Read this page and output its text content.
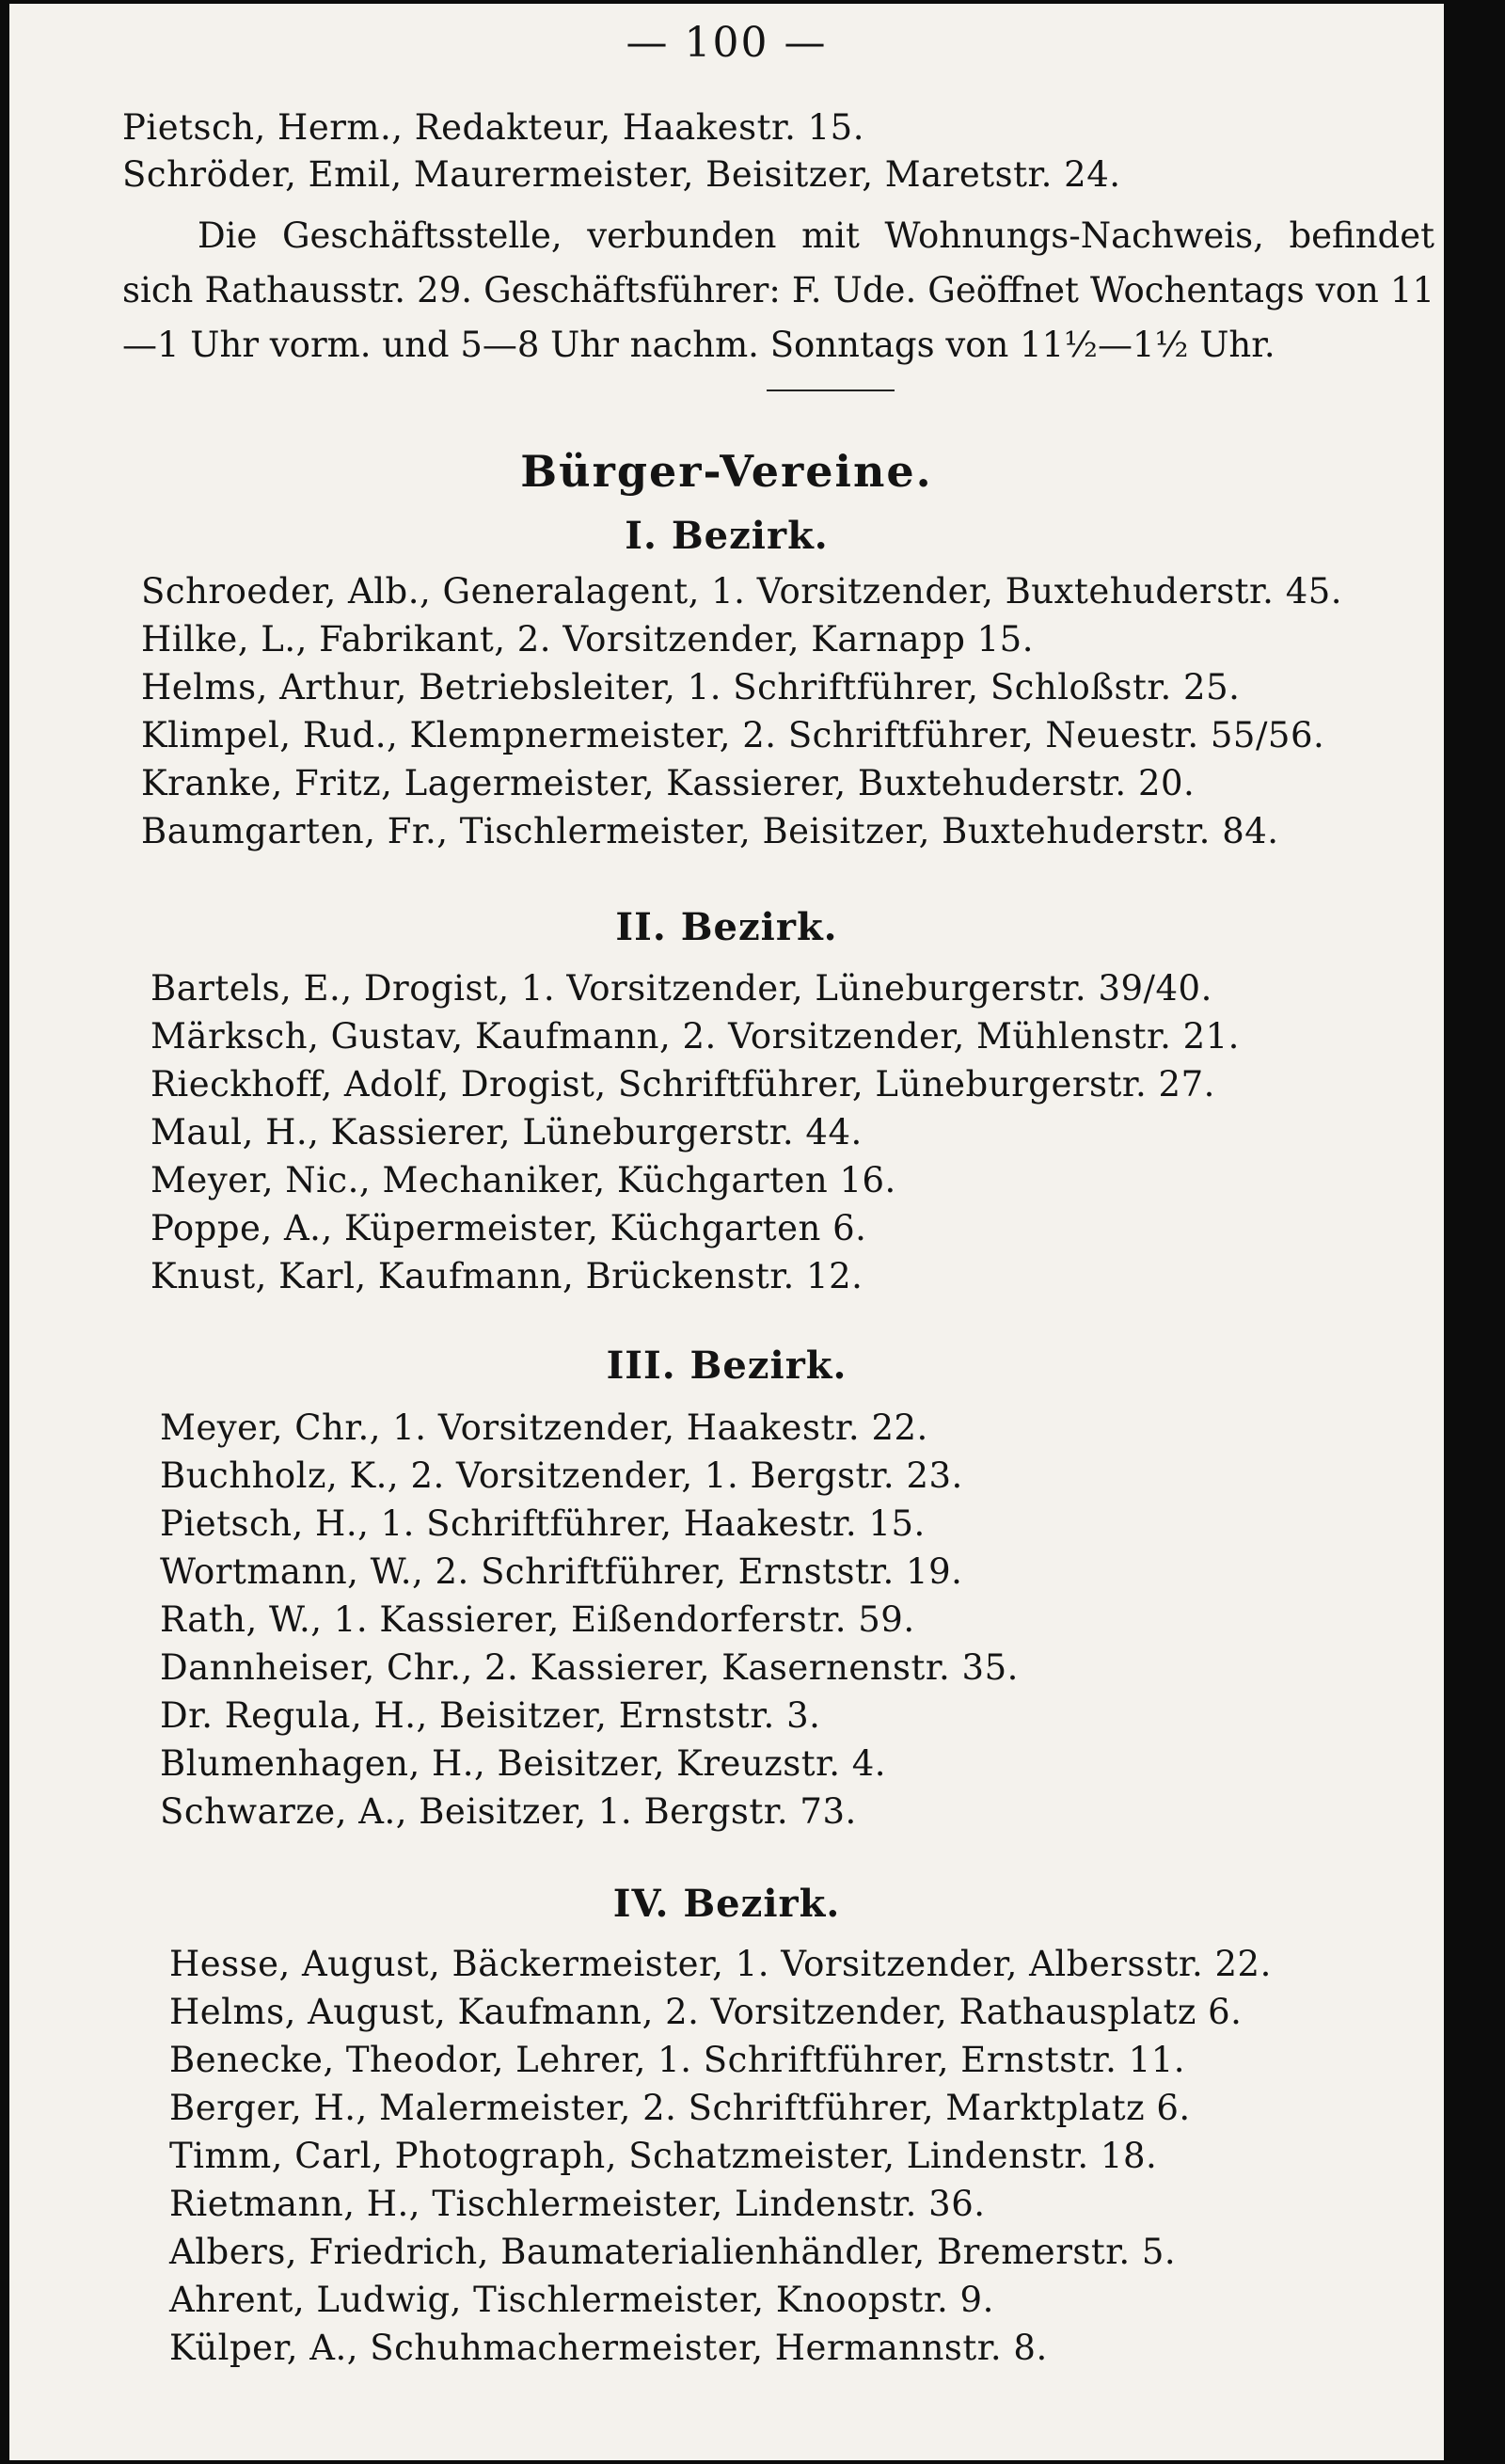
— 100 —
Pietsch, Herm., Redakteur, Haakestr. 15.
Schröder, Emil, Maurermeister, Beisitzer, Maretstr. 24.
Die Geschäftsstelle, verbunden mit Wohnungs-Nachweis, befindet sich Rathausstr. 29. Geschäftsführer: F. Ude. Geöffnet Wochentags von 11—1 Uhr vorm. und 5—8 Uhr nachm. Sonntags von 11½—1½ Uhr.
Bürger-Vereine.
I. Bezirk.
Schroeder, Alb., Generalagent, 1. Vorsitzender, Buxtehuderstr. 45.
Hilke, L., Fabrikant, 2. Vorsitzender, Karnapp 15.
Helms, Arthur, Betriebsleiter, 1. Schriftführer, Schloßstr. 25.
Klimpel, Rud., Klempnermeister, 2. Schriftführer, Neuestr. 55/56.
Kranke, Fritz, Lagermeister, Kassierer, Buxtehuderstr. 20.
Baumgarten, Fr., Tischlermeister, Beisitzer, Buxtehuderstr. 84.
II. Bezirk.
Bartels, E., Drogist, 1. Vorsitzender, Lüneburgerstr. 39/40.
Märksch, Gustav, Kaufmann, 2. Vorsitzender, Mühlenstr. 21.
Rieckhoff, Adolf, Drogist, Schriftführer, Lüneburgerstr. 27.
Maul, H., Kassierer, Lüneburgerstr. 44.
Meyer, Nic., Mechaniker, Küchgarten 16.
Poppe, A., Küpermeister, Küchgarten 6.
Knust, Karl, Kaufmann, Brückenstr. 12.
III. Bezirk.
Meyer, Chr., 1. Vorsitzender, Haakestr. 22.
Buchholz, K., 2. Vorsitzender, 1. Bergstr. 23.
Pietsch, H., 1. Schriftführer, Haakestr. 15.
Wortmann, W., 2. Schriftführer, Ernststr. 19.
Rath, W., 1. Kassierer, Eißendorferstr. 59.
Dannheiser, Chr., 2. Kassierer, Kasernenstr. 35.
Dr. Regula, H., Beisitzer, Ernststr. 3.
Blumenhagen, H., Beisitzer, Kreuzstr. 4.
Schwarze, A., Beisitzer, 1. Bergstr. 73.
IV. Bezirk.
Hesse, August, Bäckermeister, 1. Vorsitzender, Albersstr. 22.
Helms, August, Kaufmann, 2. Vorsitzender, Rathausplatz 6.
Benecke, Theodor, Lehrer, 1. Schriftführer, Ernststr. 11.
Berger, H., Malermeister, 2. Schriftführer, Marktplatz 6.
Timm, Carl, Photograph, Schatzmeister, Lindenstr. 18.
Rietmann, H., Tischlermeister, Lindenstr. 36.
Albers, Friedrich, Baumaterialienhändler, Bremerstr. 5.
Ahrent, Ludwig, Tischlermeister, Knoopstr. 9.
Külper, A., Schuhmachermeister, Hermannstr. 8.
